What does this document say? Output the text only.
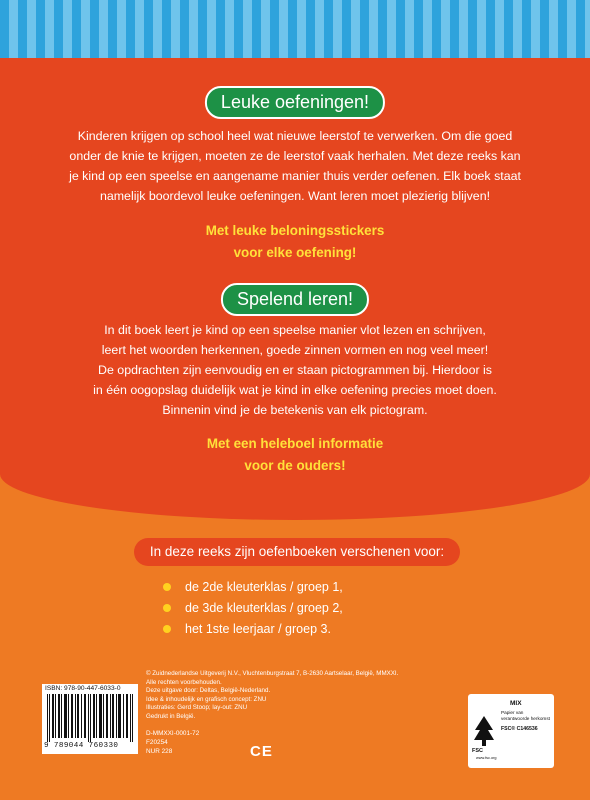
Leuke oefeningen!
Kinderen krijgen op school heel wat nieuwe leerstof te verwerken. Om die goed
onder de knie te krijgen, moeten ze de leerstof vaak herhalen. Met deze reeks kan
je kind op een speelse en aangename manier thuis verder oefenen. Elk boek staat
namelijk boordevol leuke oefeningen. Want leren moet plezierig blijven!
Met leuke beloningsstickers
voor elke oefening!
Spelend leren!
In dit boek leert je kind op een speelse manier vlot lezen en schrijven,
leert het woorden herkennen, goede zinnen vormen en nog veel meer!
De opdrachten zijn eenvoudig en er staan pictogrammen bij. Hierdoor is
in één oogopslag duidelijk wat je kind in elke oefening precies moet doen.
Binnenin vind je de betekenis van elk pictogram.
Met een heleboel informatie
voor de ouders!
In deze reeks zijn oefenboeken verschenen voor:
de 2de kleuterklas / groep 1,
de 3de kleuterklas / groep 2,
het 1ste leerjaar / groep 3.
ISBN: 978-90-447-6033-0
9 789044 760330
© Zuidnederlandse Uitgeverij N.V., Vluchtenburgstraat 7, B-2630 Aartselaar, België, MMXXI.
Alle rechten voorbehouden.
Deze uitgave door: Deltas, België-Nederland.
Idee & inhoudelijk en grafisch concept: ZNU
Illustraties: Gerd Stoop; lay-out: ZNU
Gedrukt in België.
D-MMXXI-0001-72
F20254
NUR 228	CE	FSC
MIX
Papier van
verantwoorde herkomst
FSC® C146536
www.fsc.org
